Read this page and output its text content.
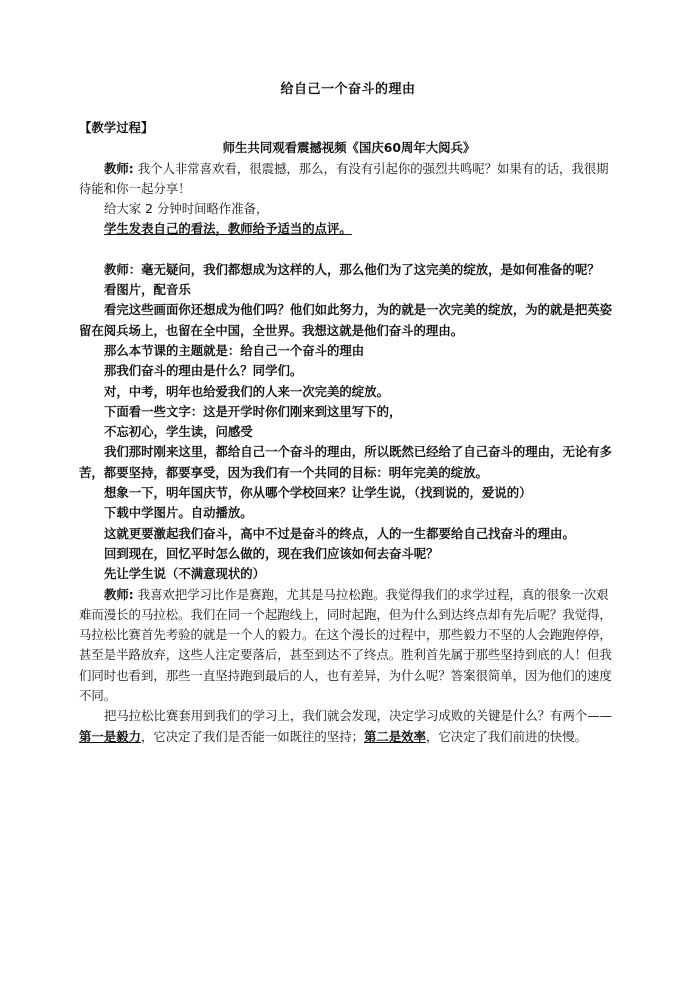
给自己一个奋斗的理由

【教学过程】

师生共同观看震撼视频《国庆60周年大阅兵》

教师: 我个人非常喜欢看，很震撼，那么，有没有引起你的强烈共鸣呢？如果有的话，我很期待能和你一起分享！

给大家 2 分钟时间略作准备，

学生发表自己的看法，教师给予适当的点评。

教师：毫无疑问，我们都想成为这样的人，那么他们为了这完美的绽放，是如何准备的呢？

看图片，配音乐

看完这些画面你还想成为他们吗？他们如此努力，为的就是一次完美的绽放，为的就是把英姿留在阅兵场上，也留在全中国，全世界。我想这就是他们奋斗的理由。

那么本节课的主题就是：给自己一个奋斗的理由

那我们奋斗的理由是什么？同学们。

对，中考，明年也给爱我们的人来一次完美的绽放。

下面看一些文字：这是开学时你们刚来到这里写下的，

不忘初心，学生读，问感受

我们那时刚来这里，都给自己一个奋斗的理由，所以既然已经给了自己奋斗的理由，无论有多苦，都要坚持，都要享受，因为我们有一个共同的目标：明年完美的绽放。

想象一下，明年国庆节，你从哪个学校回来？让学生说，（找到说的，爱说的）

下载中学图片。自动播放。

这就更要激起我们奋斗，高中不过是奋斗的终点，人的一生都要给自己找奋斗的理由。

回到现在，回忆平时怎么做的，现在我们应该如何去奋斗呢？

先让学生说（不满意现状的）

教师: 我喜欢把学习比作是赛跑，尤其是马拉松跑。我觉得我们的求学过程，真的很象一次艰难而漫长的马拉松。我们在同一个起跑线上，同时起跑，但为什么到达终点却有先后呢？我觉得，马拉松比赛首先考验的就是一个人的毅力。在这个漫长的过程中，那些毅力不坚的人会跑跑停停，甚至是半路放弃，这些人注定要落后，甚至到达不了终点。胜利首先属于那些坚持到底的人！但我们同时也看到，那些一直坚持跑到最后的人，也有差异，为什么呢？答案很简单，因为他们的速度不同。

把马拉松比赛套用到我们的学习上，我们就会发现，决定学习成败的关键是什么？有两个——第一是毅力，它决定了我们是否能一如既往的坚持；第二是效率，它决定了我们前进的快慢。
